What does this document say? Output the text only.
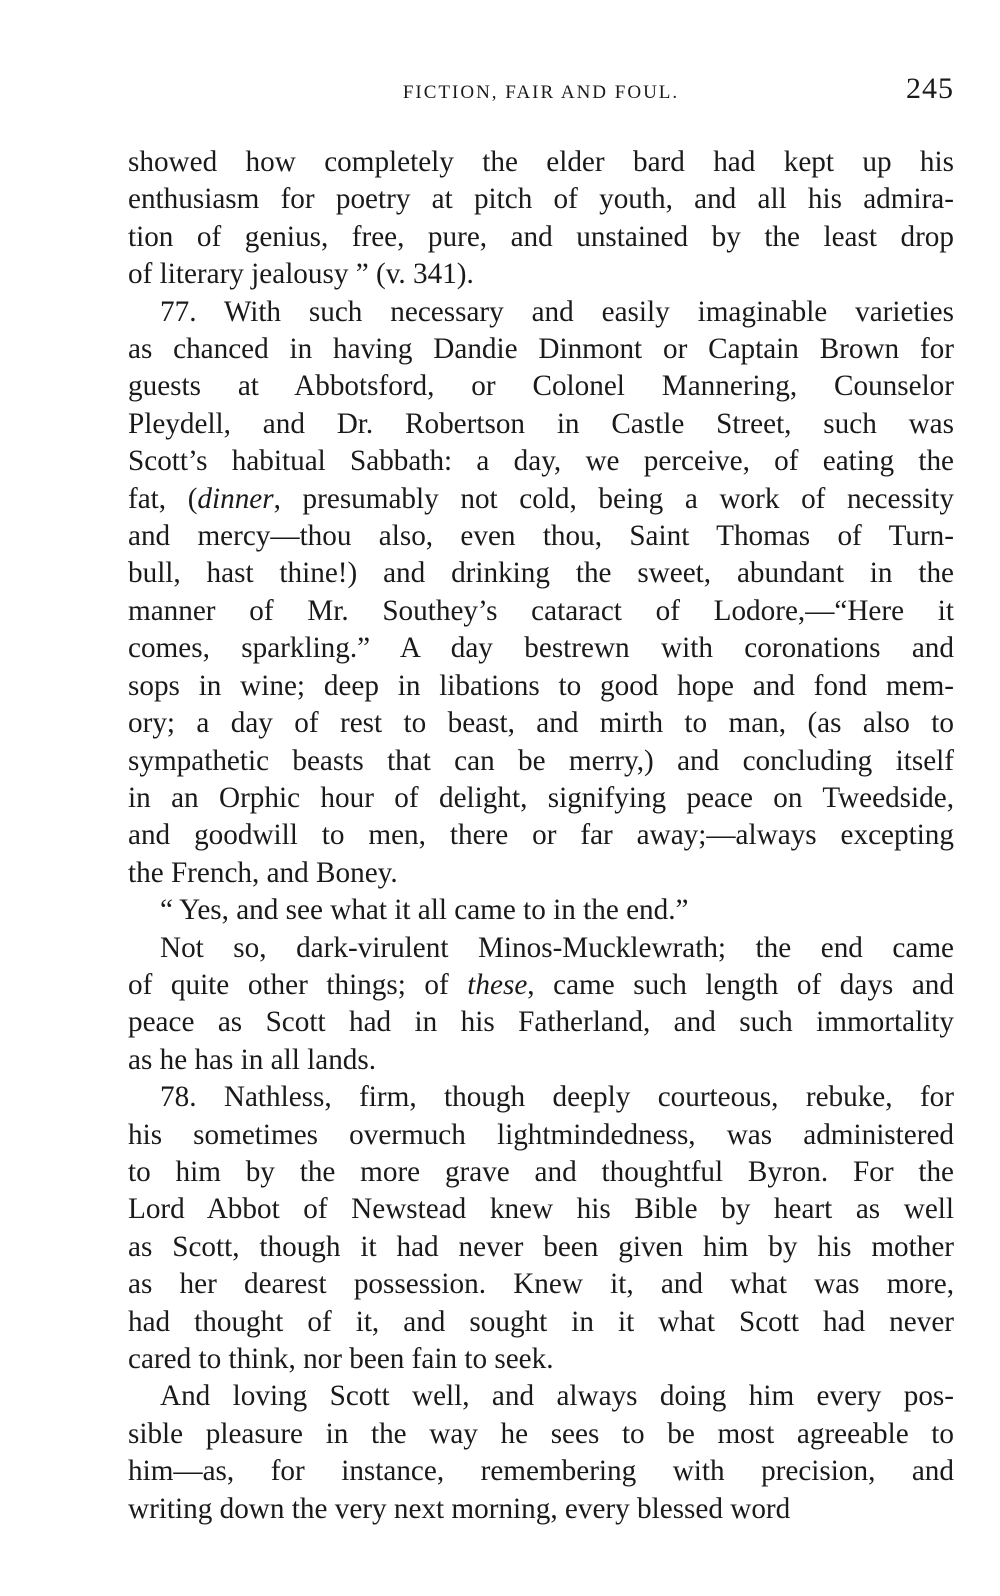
FICTION, FAIR AND FOUL.	245

showed how completely the elder bard had kept up his
enthusiasm for poetry at pitch of youth, and all his admira-
tion of genius, free, pure, and unstained by the least drop
of literary jealousy ” (v. 341).

77. With such necessary and easily imaginable varieties
as chanced in having Dandie Dinmont or Captain Brown for
guests at Abbotsford, or Colonel Mannering, Counselor
Pleydell, and Dr. Robertson in Castle Street, such was
Scott’s habitual Sabbath: a day, we perceive, of eating the
fat, (dinner, presumably not cold, being a work of necessity
and mercy—thou also, even thou, Saint Thomas of Turn-
bull, hast thine!) and drinking the sweet, abundant in the
manner of Mr. Southey’s cataract of Lodore,—“Here it
comes, sparkling.” A day bestrewn with coronations and
sops in wine; deep in libations to good hope and fond mem-
ory; a day of rest to beast, and mirth to man, (as also to
sympathetic beasts that can be merry,) and concluding itself
in an Orphic hour of delight, signifying peace on Tweedside,
and goodwill to men, there or far away;—always excepting
the French, and Boney.

“ Yes, and see what it all came to in the end.”

Not so, dark-virulent Minos-Mucklewrath; the end came
of quite other things; of these, came such length of days and
peace as Scott had in his Fatherland, and such immortality
as he has in all lands.

78. Nathless, firm, though deeply courteous, rebuke, for
his sometimes overmuch lightmindedness, was administered
to him by the more grave and thoughtful Byron. For the
Lord Abbot of Newstead knew his Bible by heart as well
as Scott, though it had never been given him by his mother
as her dearest possession. Knew it, and what was more,
had thought of it, and sought in it what Scott had never
cared to think, nor been fain to seek.

And loving Scott well, and always doing him every pos-
sible pleasure in the way he sees to be most agreeable to
him—as, for instance, remembering with precision, and
writing down the very next morning, every blessed word
